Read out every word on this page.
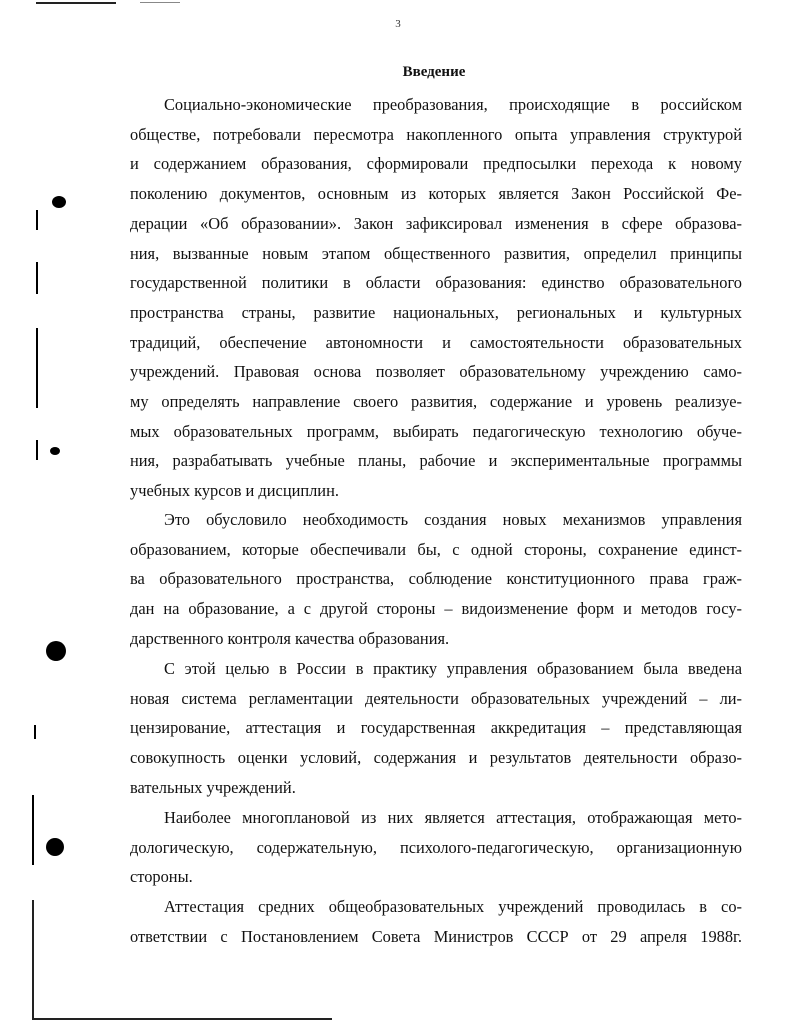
3
Введение
Социально-экономические преобразования, происходящие в российском
обществе, потребовали пересмотра накопленного опыта управления структурой
и содержанием образования, сформировали предпосылки перехода к новому
поколению документов, основным из которых является Закон Российской Фе-
дерации «Об образовании». Закон зафиксировал изменения в сфере образова-
ния, вызванные новым этапом общественного развития, определил принципы
государственной политики в области образования: единство образовательного
пространства страны, развитие национальных, региональных и культурных
традиций, обеспечение автономности и самостоятельности образовательных
учреждений. Правовая основа позволяет образовательному учреждению само-
му определять направление своего развития, содержание и уровень реализуе-
мых образовательных программ, выбирать педагогическую технологию обуче-
ния, разрабатывать учебные планы, рабочие и экспериментальные программы
учебных курсов и дисциплин.
Это обусловило необходимость создания новых механизмов управления
образованием, которые обеспечивали бы, с одной стороны, сохранение единст-
ва образовательного пространства, соблюдение конституционного права граж-
дан на образование, а с другой стороны – видоизменение форм и методов госу-
дарственного контроля качества образования.
С этой целью в России в практику управления образованием была введена
новая система регламентации деятельности образовательных учреждений – ли-
цензирование, аттестация и государственная аккредитация – представляющая
совокупность оценки условий, содержания и результатов деятельности образо-
вательных учреждений.
Наиболее многоплановой из них является аттестация, отображающая мето-
дологическую, содержательную, психолого-педагогическую, организационную
стороны.
Аттестация средних общеобразовательных учреждений проводилась в со-
ответствии с Постановлением Совета Министров СССР от 29 апреля 1988г.
